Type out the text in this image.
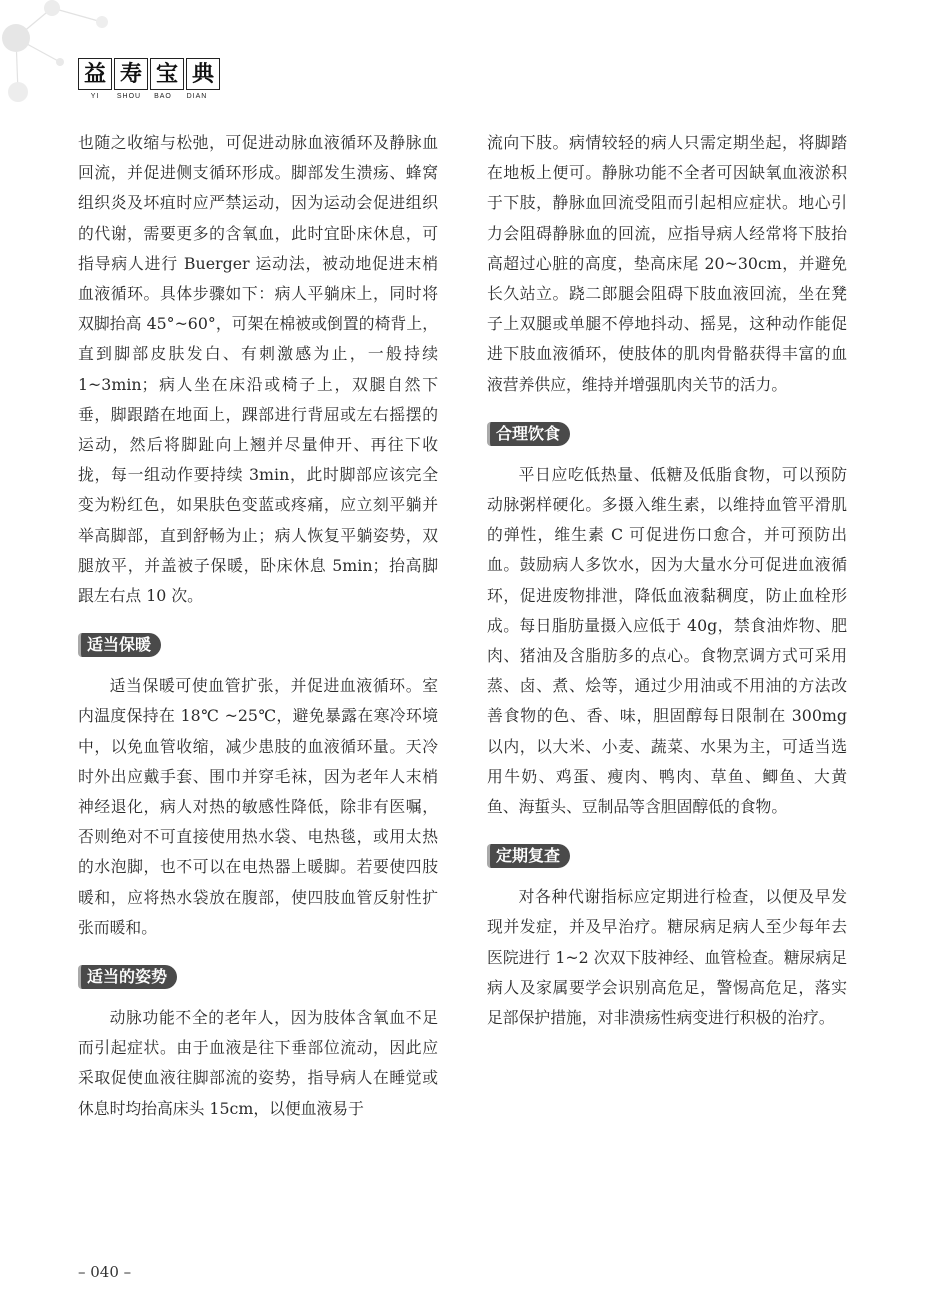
益 寿 宝 典
YI	SHOU	BAO	DIAN

也随之收缩与松弛，可促进动脉血液循环及静脉血回流，并促进侧支循环形成。脚部发生溃疡、蜂窝组织炎及坏疽时应严禁运动，因为运动会促进组织的代谢，需要更多的含氧血，此时宜卧床休息，可指导病人进行 Buerger 运动法，被动地促进末梢血液循环。具体步骤如下：病人平躺床上，同时将双脚抬高 45°~60°，可架在棉被或倒置的椅背上，直到脚部皮肤发白、有刺激感为止，一般持续 1~3min；病人坐在床沿或椅子上，双腿自然下垂，脚跟踏在地面上，踝部进行背屈或左右摇摆的运动，然后将脚趾向上翘并尽量伸开、再往下收拢，每一组动作要持续 3min，此时脚部应该完全变为粉红色，如果肤色变蓝或疼痛，应立刻平躺并举高脚部，直到舒畅为止；病人恢复平躺姿势，双腿放平，并盖被子保暖，卧床休息 5min；抬高脚跟左右点 10 次。

适当保暖

适当保暖可使血管扩张，并促进血液循环。室内温度保持在 18℃ ~25℃，避免暴露在寒冷环境中，以免血管收缩，减少患肢的血液循环量。天冷时外出应戴手套、围巾并穿毛袜，因为老年人末梢神经退化，病人对热的敏感性降低，除非有医嘱，否则绝对不可直接使用热水袋、电热毯，或用太热的水泡脚，也不可以在电热器上暖脚。若要使四肢暖和，应将热水袋放在腹部，使四肢血管反射性扩张而暖和。

适当的姿势

动脉功能不全的老年人，因为肢体含氧血不足而引起症状。由于血液是往下垂部位流动，因此应采取促使血液往脚部流的姿势，指导病人在睡觉或休息时均抬高床头 15cm，以便血液易于

流向下肢。病情较轻的病人只需定期坐起，将脚踏在地板上便可。静脉功能不全者可因缺氧血液淤积于下肢，静脉血回流受阻而引起相应症状。地心引力会阻碍静脉血的回流，应指导病人经常将下肢抬高超过心脏的高度，垫高床尾 20~30cm，并避免长久站立。跷二郎腿会阻碍下肢血液回流，坐在凳子上双腿或单腿不停地抖动、摇晃，这种动作能促进下肢血液循环，使肢体的肌肉骨骼获得丰富的血液营养供应，维持并增强肌肉关节的活力。

合理饮食

平日应吃低热量、低糖及低脂食物，可以预防动脉粥样硬化。多摄入维生素，以维持血管平滑肌的弹性，维生素 C 可促进伤口愈合，并可预防出血。鼓励病人多饮水，因为大量水分可促进血液循环，促进废物排泄，降低血液黏稠度，防止血栓形成。每日脂肪量摄入应低于 40g，禁食油炸物、肥肉、猪油及含脂肪多的点心。食物烹调方式可采用蒸、卤、煮、烩等，通过少用油或不用油的方法改善食物的色、香、味，胆固醇每日限制在 300mg 以内，以大米、小麦、蔬菜、水果为主，可适当选用牛奶、鸡蛋、瘦肉、鸭肉、草鱼、鲫鱼、大黄鱼、海蜇头、豆制品等含胆固醇低的食物。

定期复查

对各种代谢指标应定期进行检查，以便及早发现并发症，并及早治疗。糖尿病足病人至少每年去医院进行 1~2 次双下肢神经、血管检查。糖尿病足病人及家属要学会识别高危足，警惕高危足，落实足部保护措施，对非溃疡性病变进行积极的治疗。

– 040 –
